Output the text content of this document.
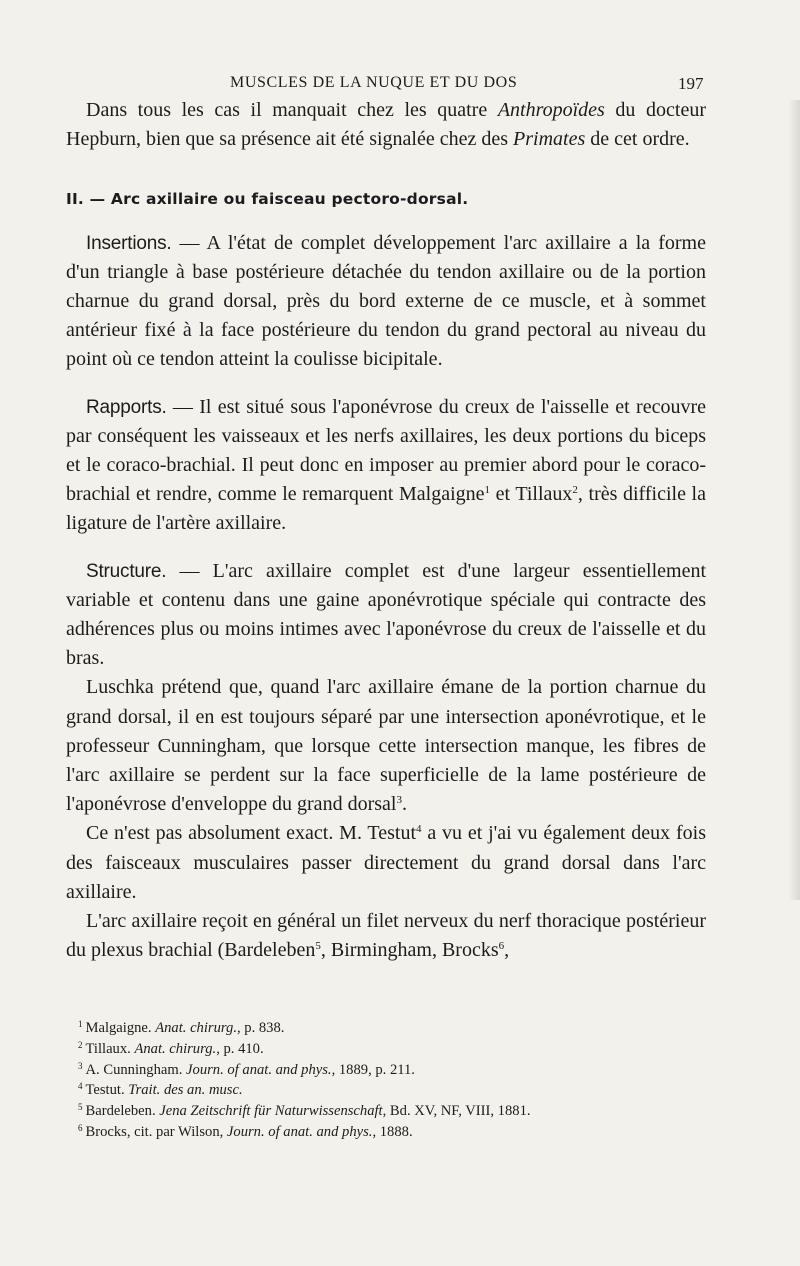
MUSCLES DE LA NUQUE ET DU DOS	197

Dans tous les cas il manquait chez les quatre Anthropoïdes du docteur Hepburn, bien que sa présence ait été signalée chez des Primates de cet ordre.

II. — Arc axillaire ou faisceau pectoro-dorsal.

Insertions. — A l'état de complet développement l'arc axillaire a la forme d'un triangle à base postérieure détachée du tendon axillaire ou de la portion charnue du grand dorsal, près du bord externe de ce muscle, et à sommet antérieur fixé à la face postérieure du tendon du grand pectoral au niveau du point où ce tendon atteint la coulisse bicipitale.

Rapports. — Il est situé sous l'aponévrose du creux de l'aisselle et recouvre par conséquent les vaisseaux et les nerfs axillaires, les deux portions du biceps et le coraco-brachial. Il peut donc en imposer au premier abord pour le coraco-brachial et rendre, comme le remarquent Malgaigne$^1$ et Tillaux$^2$, très difficile la ligature de l'artère axillaire.

Structure. — L'arc axillaire complet est d'une largeur essentiellement variable et contenu dans une gaine aponévrotique spéciale qui contracte des adhérences plus ou moins intimes avec l'aponévrose du creux de l'aisselle et du bras.

Luschka prétend que, quand l'arc axillaire émane de la portion charnue du grand dorsal, il en est toujours séparé par une intersection aponévrotique, et le professeur Cunningham, que lorsque cette intersection manque, les fibres de l'arc axillaire se perdent sur la face superficielle de la lame postérieure de l'aponévrose d'enveloppe du grand dorsal$^3$.

Ce n'est pas absolument exact. M. Testut$^4$ a vu et j'ai vu également deux fois des faisceaux musculaires passer directement du grand dorsal dans l'arc axillaire.

L'arc axillaire reçoit en général un filet nerveux du nerf thoracique postérieur du plexus brachial (Bardeleben$^5$, Birmingham, Brocks$^6$,

$^1$ Malgaigne. Anat. chirurg., p. 838.
$^2$ Tillaux. Anat. chirurg., p. 410.
$^3$ A. Cunningham. Journ. of anat. and phys., 1889, p. 211.
$^4$ Testut. Trait. des an. musc.
$^5$ Bardeleben. Jena Zeitschrift für Naturwissenschaft, Bd. XV, NF, VIII, 1881.
$^6$ Brocks, cit. par Wilson, Journ. of anat. and phys., 1888.
